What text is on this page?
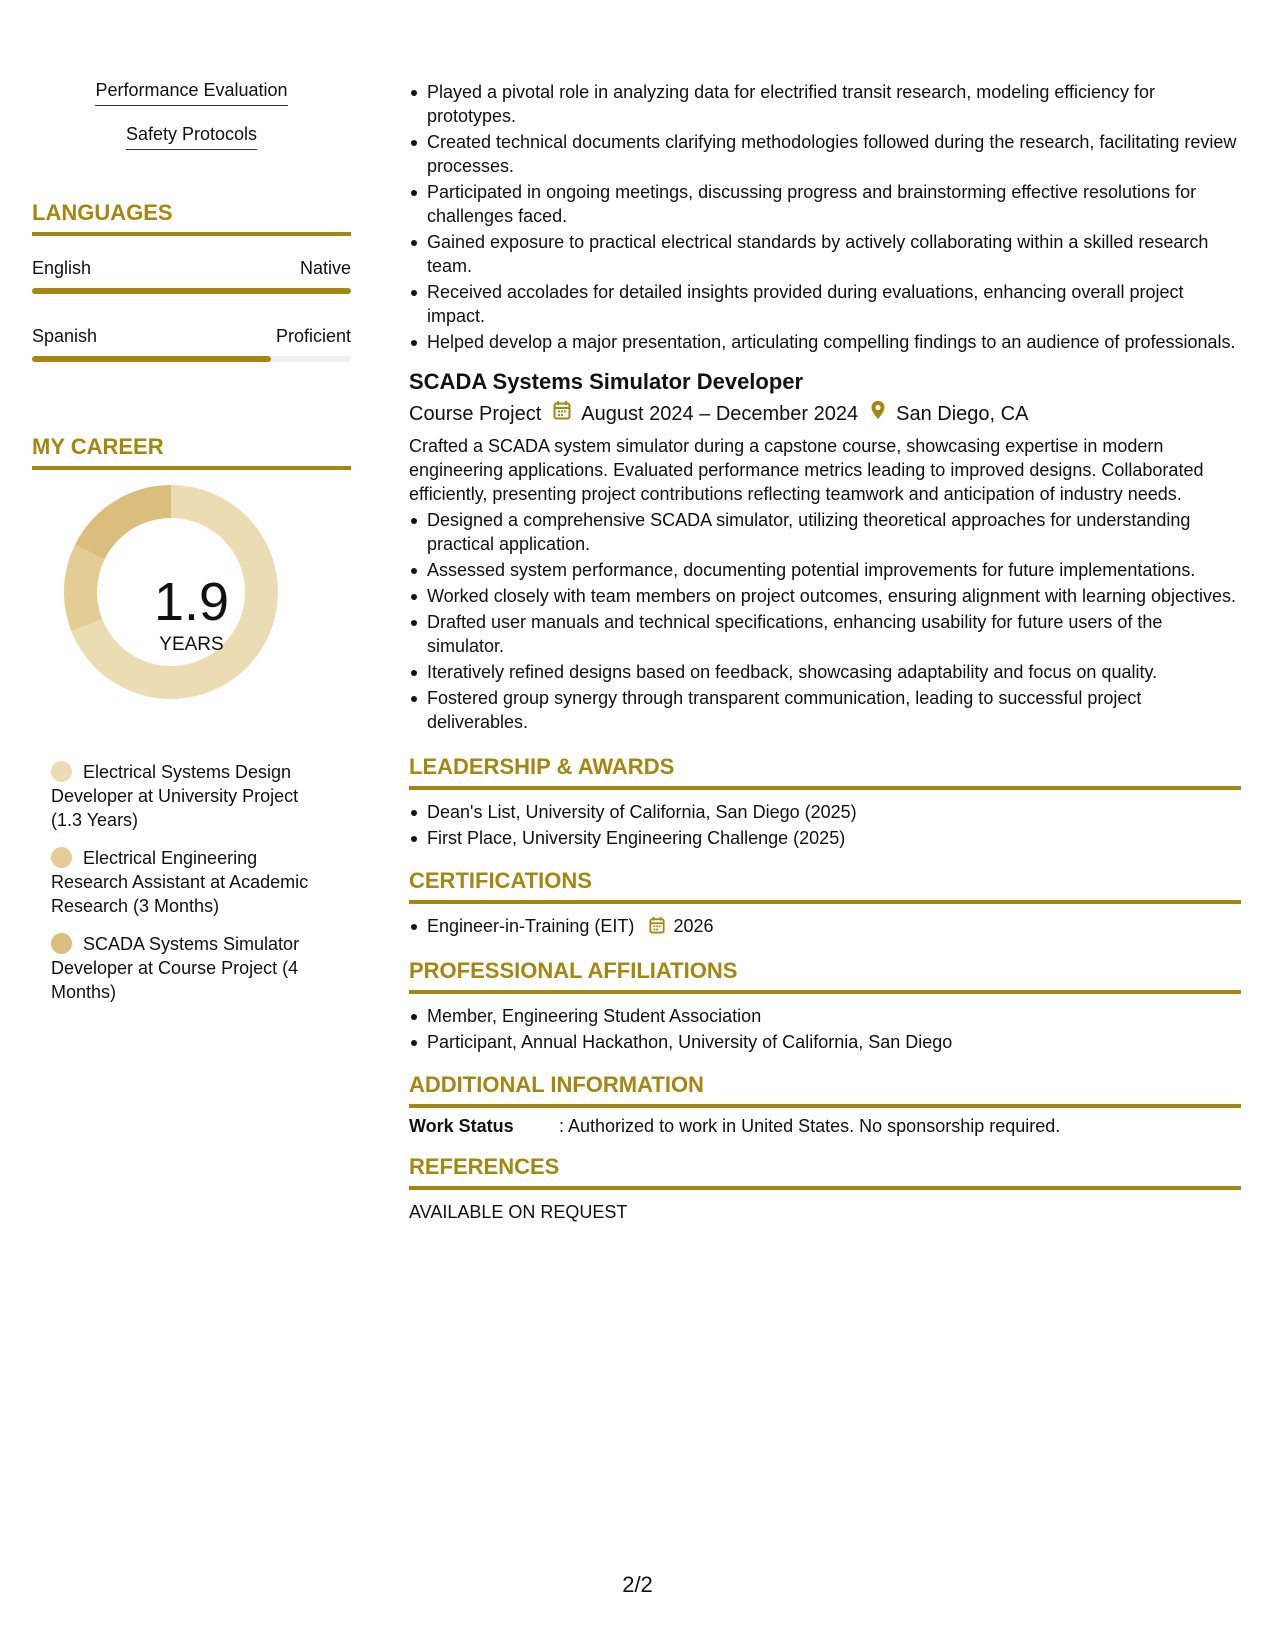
Performance Evaluation
Safety Protocols
LANGUAGES
English	Native
Spanish	Proficient
MY CAREER
1.9
YEARS
Electrical Systems Design Developer at University Project (1.3 Years)
Electrical Engineering Research Assistant at Academic Research (3 Months)
SCADA Systems Simulator Developer at Course Project (4 Months)
Played a pivotal role in analyzing data for electrified transit research, modeling efficiency for prototypes.
Created technical documents clarifying methodologies followed during the research, facilitating review processes.
Participated in ongoing meetings, discussing progress and brainstorming effective resolutions for challenges faced.
Gained exposure to practical electrical standards by actively collaborating within a skilled research team.
Received accolades for detailed insights provided during evaluations, enhancing overall project impact.
Helped develop a major presentation, articulating compelling findings to an audience of professionals.
SCADA Systems Simulator Developer
Course Project August 2024 – December 2024 San Diego, CA
Crafted a SCADA system simulator during a capstone course, showcasing expertise in modern engineering applications. Evaluated performance metrics leading to improved designs. Collaborated efficiently, presenting project contributions reflecting teamwork and anticipation of industry needs.
Designed a comprehensive SCADA simulator, utilizing theoretical approaches for understanding practical application.
Assessed system performance, documenting potential improvements for future implementations.
Worked closely with team members on project outcomes, ensuring alignment with learning objectives.
Drafted user manuals and technical specifications, enhancing usability for future users of the simulator.
Iteratively refined designs based on feedback, showcasing adaptability and focus on quality.
Fostered group synergy through transparent communication, leading to successful project deliverables.
LEADERSHIP & AWARDS
Dean's List, University of California, San Diego (2025)
First Place, University Engineering Challenge (2025)
CERTIFICATIONS
Engineer-in-Training (EIT) 2026
PROFESSIONAL AFFILIATIONS
Member, Engineering Student Association
Participant, Annual Hackathon, University of California, San Diego
ADDITIONAL INFORMATION
Work Status	: Authorized to work in United States. No sponsorship required.
REFERENCES
AVAILABLE ON REQUEST
2/2
